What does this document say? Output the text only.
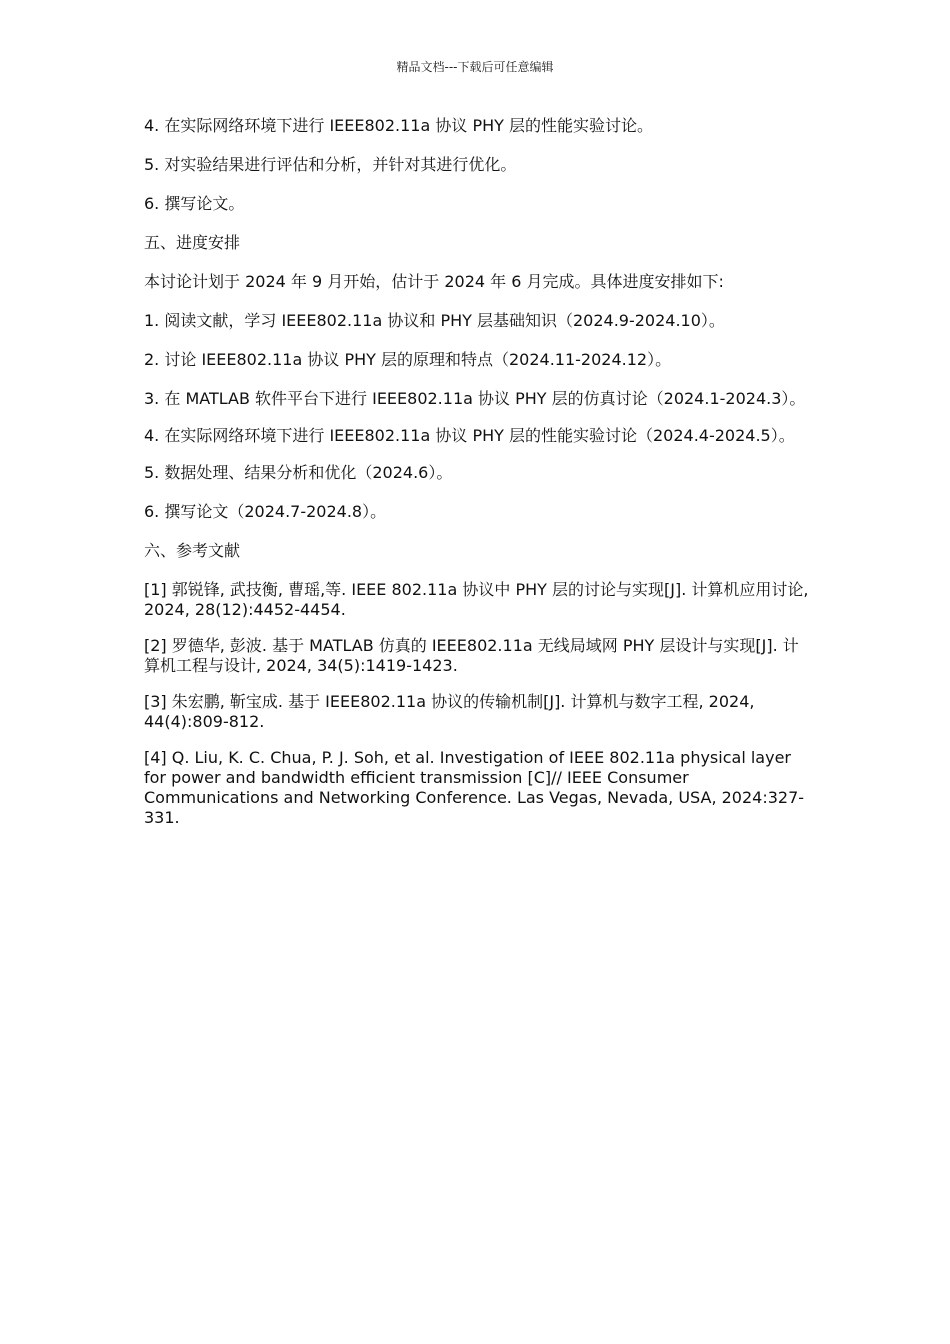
精品文档---下载后可任意编辑

4. 在实际网络环境下进行 IEEE802.11a 协议 PHY 层的性能实验讨论。

5. 对实验结果进行评估和分析，并针对其进行优化。

6. 撰写论文。

五、进度安排

本讨论计划于 2024 年 9 月开始，估计于 2024 年 6 月完成。具体进度安排如下:

1. 阅读文献，学习 IEEE802.11a 协议和 PHY 层基础知识（2024.9-2024.10）。

2. 讨论 IEEE802.11a 协议 PHY 层的原理和特点（2024.11-2024.12）。

3. 在 MATLAB 软件平台下进行 IEEE802.11a 协议 PHY 层的仿真讨论（2024.1-2024.3）。

4. 在实际网络环境下进行 IEEE802.11a 协议 PHY 层的性能实验讨论（2024.4-2024.5）。

5. 数据处理、结果分析和优化（2024.6）。

6. 撰写论文（2024.7-2024.8）。

六、参考文献

[1] 郭锐锋, 武技衡, 曹瑶,等. IEEE 802.11a 协议中 PHY 层的讨论与实现[J]. 计算机应用讨论, 2024, 28(12):4452-4454.

[2] 罗德华, 彭波. 基于 MATLAB 仿真的 IEEE802.11a 无线局域网 PHY 层设计与实现[J]. 计算机工程与设计, 2024, 34(5):1419-1423.

[3] 朱宏鹏, 靳宝成. 基于 IEEE802.11a 协议的传输机制[J]. 计算机与数字工程, 2024, 44(4):809-812.

[4] Q. Liu, K. C. Chua, P. J. Soh, et al. Investigation of IEEE 802.11a physical layer for power and bandwidth efficient transmission [C]// IEEE Consumer Communications and Networking Conference. Las Vegas, Nevada, USA, 2024:327-331.
